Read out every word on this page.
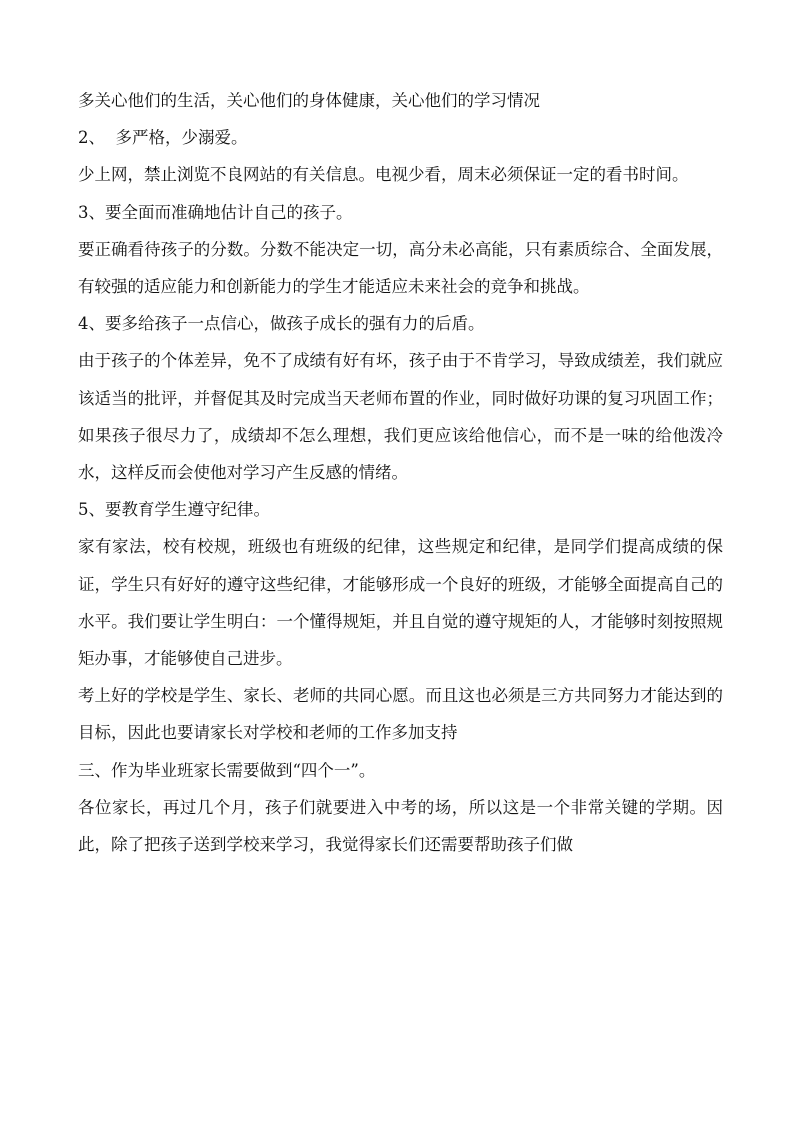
多关心他们的生活，关心他们的身体健康，关心他们的学习情况

2、  多严格，少溺爱。

少上网，禁止浏览不良网站的有关信息。电视少看，周末必须保证一定的看书时间。

3、要全面而准确地估计自己的孩子。

要正确看待孩子的分数。分数不能决定一切，高分未必高能，只有素质综合、全面发展，有较强的适应能力和创新能力的学生才能适应未来社会的竞争和挑战。

4、要多给孩子一点信心，做孩子成长的强有力的后盾。

由于孩子的个体差异，免不了成绩有好有坏，孩子由于不肯学习，导致成绩差，我们就应该适当的批评，并督促其及时完成当天老师布置的作业，同时做好功课的复习巩固工作；如果孩子很尽力了，成绩却不怎么理想，我们更应该给他信心，而不是一味的给他泼冷水，这样反而会使他对学习产生反感的情绪。

5、要教育学生遵守纪律。

家有家法，校有校规，班级也有班级的纪律，这些规定和纪律，是同学们提高成绩的保证，学生只有好好的遵守这些纪律，才能够形成一个良好的班级，才能够全面提高自己的水平。我们要让学生明白：一个懂得规矩，并且自觉的遵守规矩的人，才能够时刻按照规矩办事，才能够使自己进步。

考上好的学校是学生、家长、老师的共同心愿。而且这也必须是三方共同努力才能达到的目标，因此也要请家长对学校和老师的工作多加支持

三、作为毕业班家长需要做到“四个一”。

各位家长，再过几个月，孩子们就要进入中考的场，所以这是一个非常关键的学期。因此，除了把孩子送到学校来学习，我觉得家长们还需要帮助孩子们做
